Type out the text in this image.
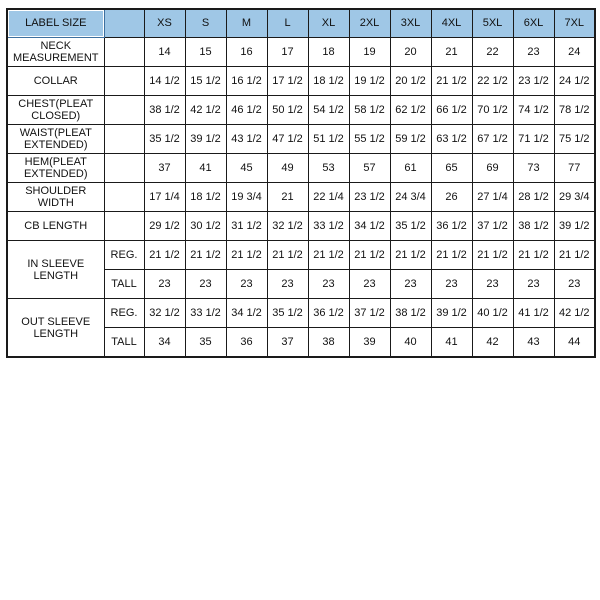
LABEL SIZE		XS	S	M	L	XL	2XL	3XL	4XL	5XL	6XL	7XL
NECK MEASUREMENT		14	15	16	17	18	19	20	21	22	23	24
COLLAR		14 1/2	15 1/2	16 1/2	17 1/2	18 1/2	19 1/2	20 1/2	21 1/2	22 1/2	23 1/2	24 1/2
CHEST(PLEAT CLOSED)		38 1/2	42 1/2	46 1/2	50 1/2	54 1/2	58 1/2	62 1/2	66 1/2	70 1/2	74 1/2	78 1/2
WAIST(PLEAT EXTENDED)		35 1/2	39 1/2	43 1/2	47 1/2	51 1/2	55 1/2	59 1/2	63 1/2	67 1/2	71 1/2	75 1/2
HEM(PLEAT EXTENDED)		37	41	45	49	53	57	61	65	69	73	77
SHOULDER WIDTH		17 1/4	18 1/2	19 3/4	21	22 1/4	23 1/2	24 3/4	26	27 1/4	28 1/2	29 3/4
CB LENGTH		29 1/2	30 1/2	31 1/2	32 1/2	33 1/2	34 1/2	35 1/2	36 1/2	37 1/2	38 1/2	39 1/2
IN SLEEVE LENGTH	REG.	21 1/2	21 1/2	21 1/2	21 1/2	21 1/2	21 1/2	21 1/2	21 1/2	21 1/2	21 1/2	21 1/2
	TALL	23	23	23	23	23	23	23	23	23	23	23
OUT SLEEVE LENGTH	REG.	32 1/2	33 1/2	34 1/2	35 1/2	36 1/2	37 1/2	38 1/2	39 1/2	40 1/2	41 1/2	42 1/2
	TALL	34	35	36	37	38	39	40	41	42	43	44
